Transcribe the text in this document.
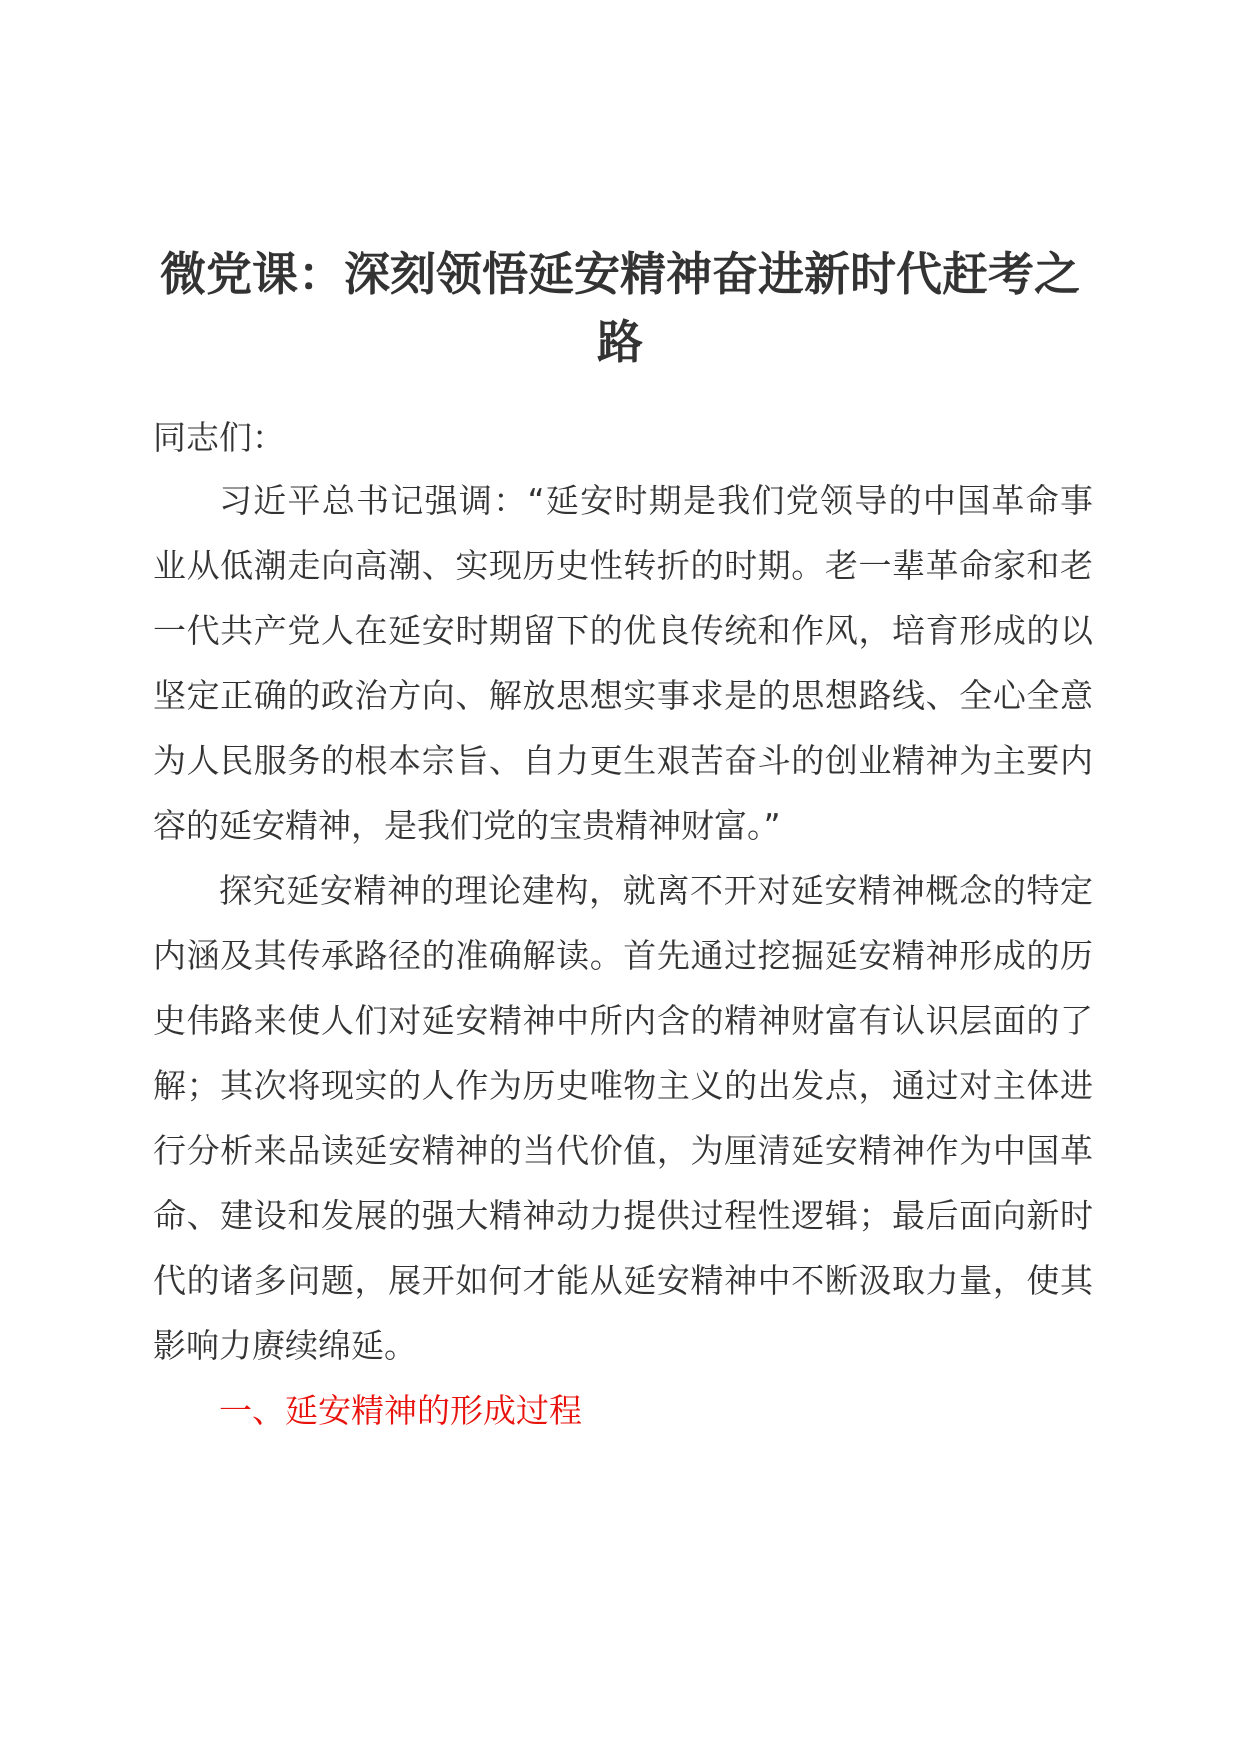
微党课：深刻领悟延安精神奋进新时代赶考之路

同志们：

习近平总书记强调：“延安时期是我们党领导的中国革命事业从低潮走向高潮、实现历史性转折的时期。老一辈革命家和老一代共产党人在延安时期留下的优良传统和作风，培育形成的以坚定正确的政治方向、解放思想实事求是的思想路线、全心全意为人民服务的根本宗旨、自力更生艰苦奋斗的创业精神为主要内容的延安精神，是我们党的宝贵精神财富。”

探究延安精神的理论建构，就离不开对延安精神概念的特定内涵及其传承路径的准确解读。首先通过挖掘延安精神形成的历史伟路来使人们对延安精神中所内含的精神财富有认识层面的了解；其次将现实的人作为历史唯物主义的出发点，通过对主体进行分析来品读延安精神的当代价值，为厘清延安精神作为中国革命、建设和发展的强大精神动力提供过程性逻辑；最后面向新时代的诸多问题，展开如何才能从延安精神中不断汲取力量，使其影响力赓续绵延。

一、延安精神的形成过程
